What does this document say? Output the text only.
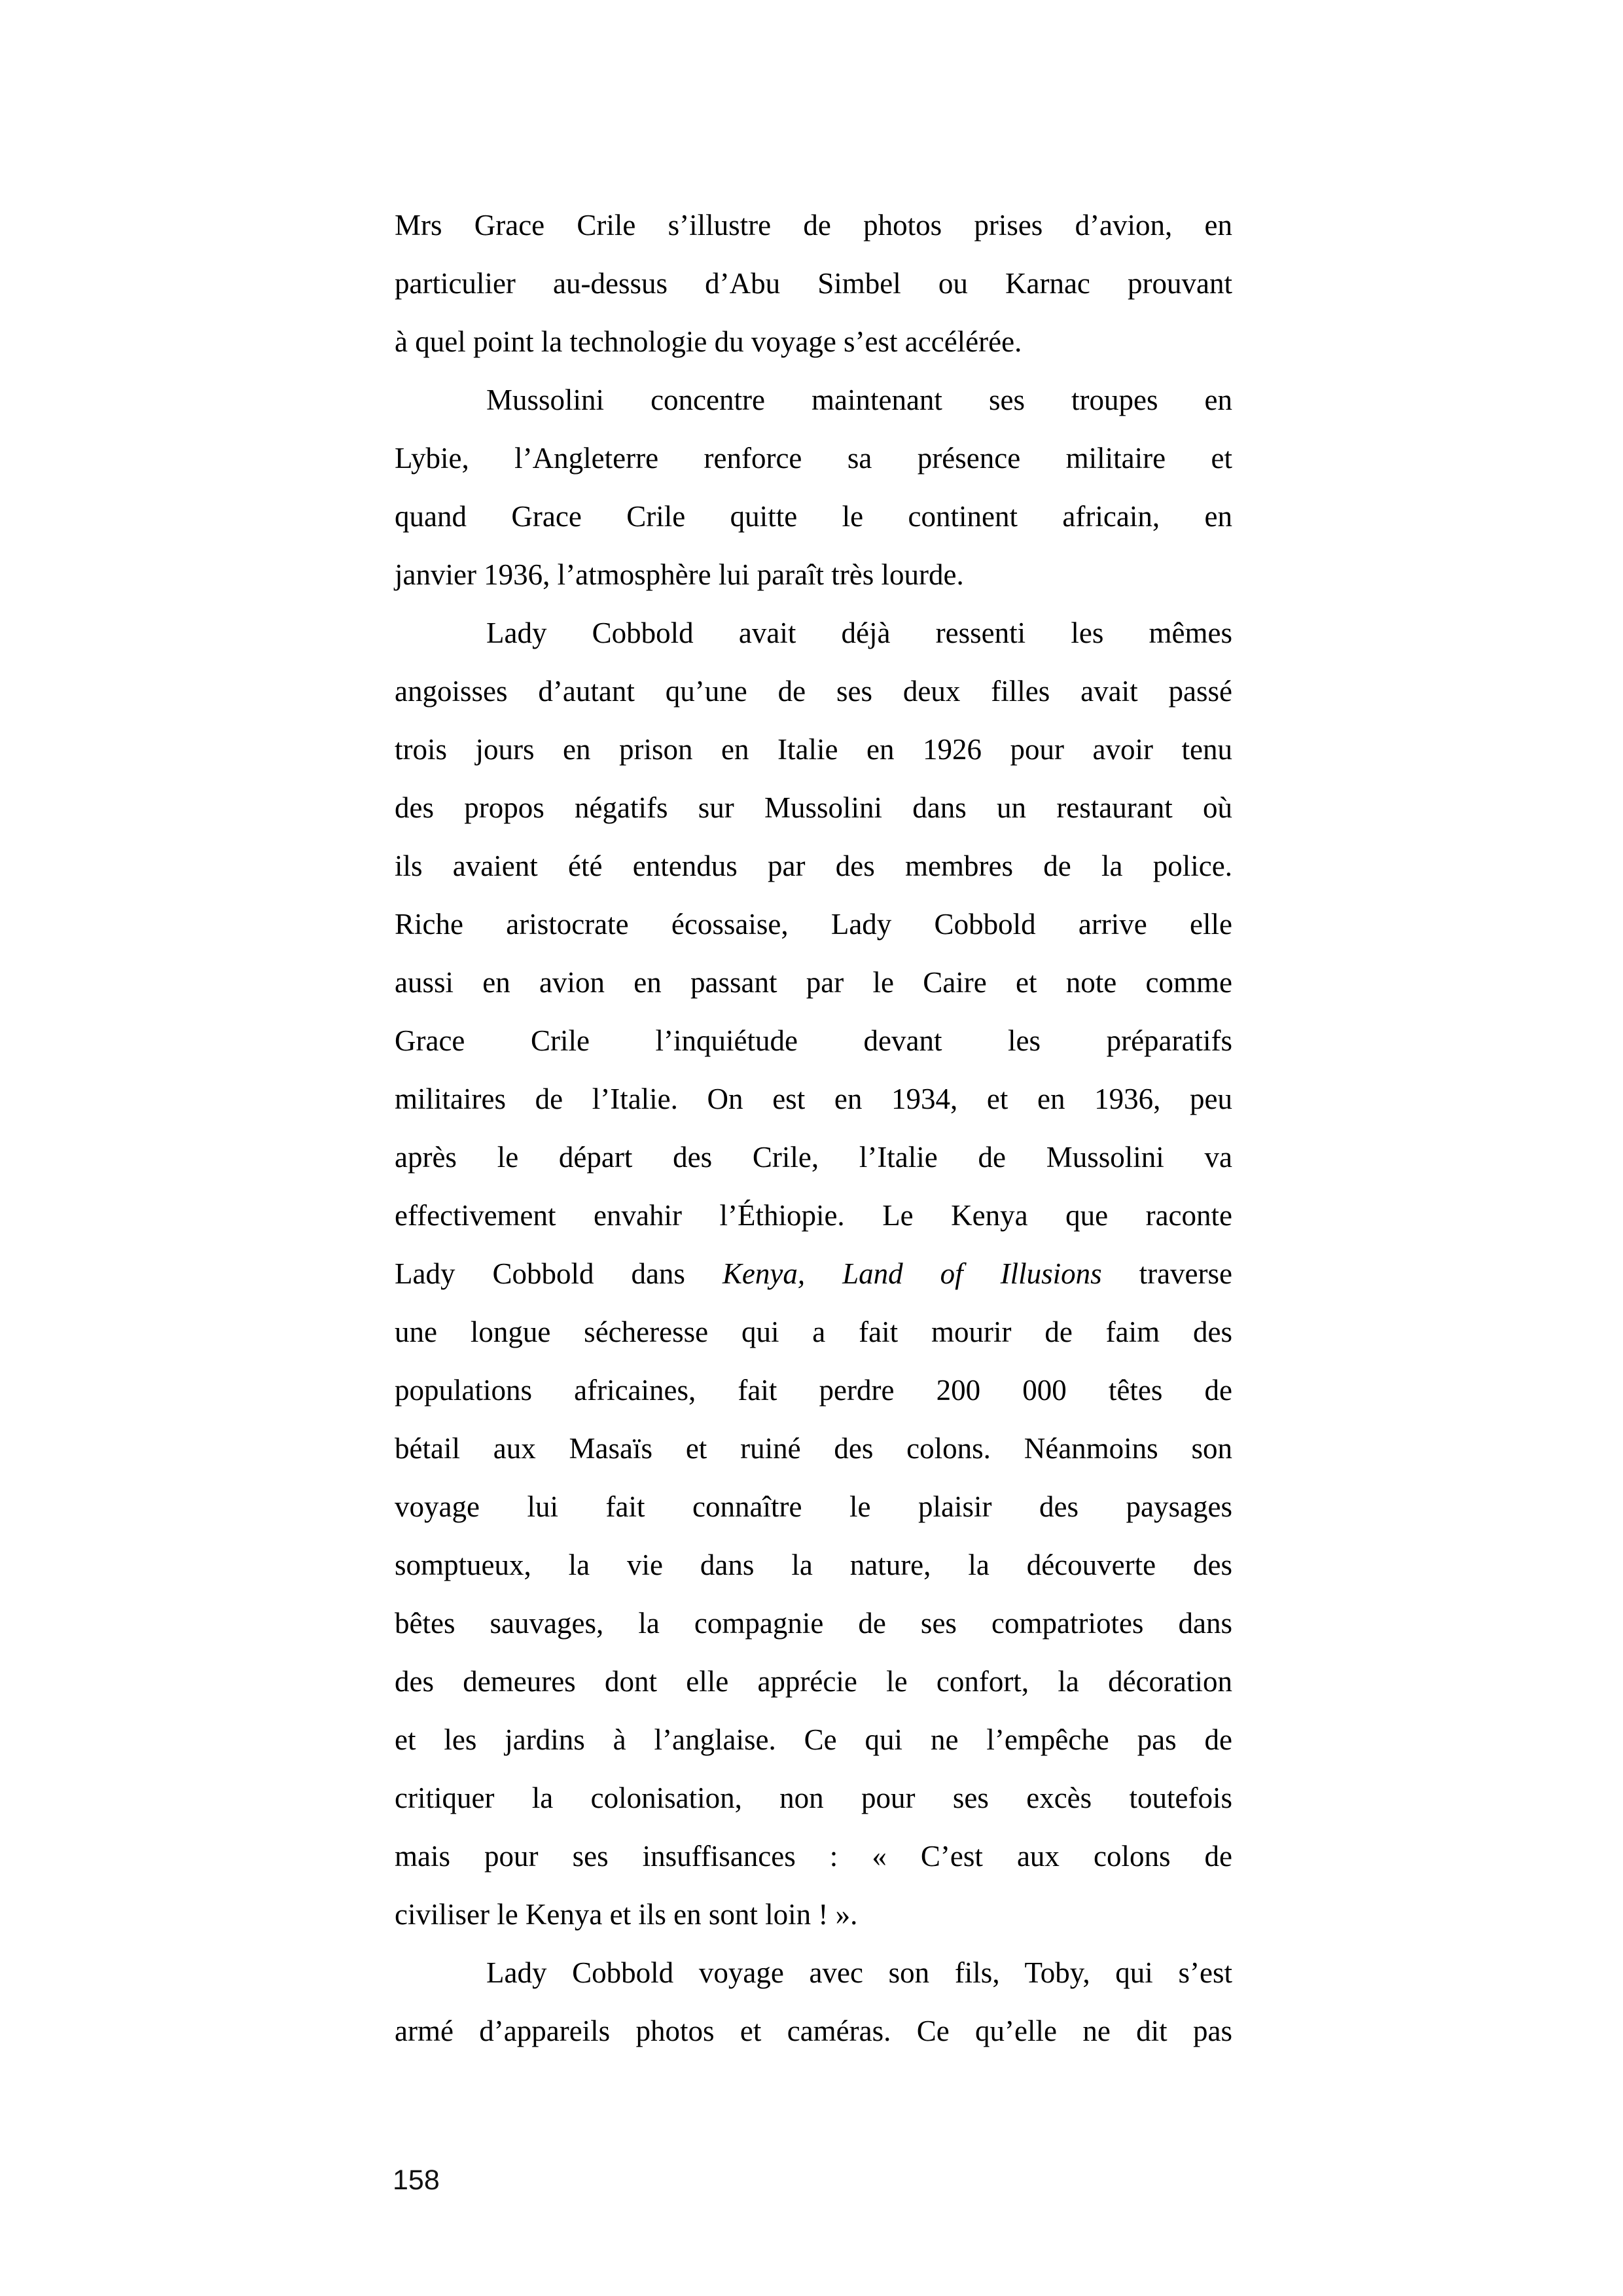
Mrs Grace Crile s’illustre de photos prises d’avion, en
particulier au-dessus d’Abu Simbel ou Karnac prouvant
à quel point la technologie du voyage s’est accélérée.
Mussolini concentre maintenant ses troupes en
Lybie, l’Angleterre renforce sa présence militaire et
quand Grace Crile quitte le continent africain, en
janvier 1936, l’atmosphère lui paraît très lourde.
Lady Cobbold avait déjà ressenti les mêmes
angoisses d’autant qu’une de ses deux filles avait passé
trois jours en prison en Italie en 1926 pour avoir tenu
des propos négatifs sur Mussolini dans un restaurant où
ils avaient été entendus par des membres de la police.
Riche aristocrate écossaise, Lady Cobbold arrive elle
aussi en avion en passant par le Caire et note comme
Grace Crile l’inquiétude devant les préparatifs
militaires de l’Italie. On est en 1934, et en 1936, peu
après le départ des Crile, l’Italie de Mussolini va
effectivement envahir l’Éthiopie. Le Kenya que raconte
Lady Cobbold dans Kenya, Land of Illusions traverse
une longue sécheresse qui a fait mourir de faim des
populations africaines, fait perdre 200 000 têtes de
bétail aux Masaïs et ruiné des colons. Néanmoins son
voyage lui fait connaître le plaisir des paysages
somptueux, la vie dans la nature, la découverte des
bêtes sauvages, la compagnie de ses compatriotes dans
des demeures dont elle apprécie le confort, la décoration
et les jardins à l’anglaise. Ce qui ne l’empêche pas de
critiquer la colonisation, non pour ses excès toutefois
mais pour ses insuffisances : « C’est aux colons de
civiliser le Kenya et ils en sont loin ! ».
Lady Cobbold voyage avec son fils, Toby, qui s’est
armé d’appareils photos et caméras. Ce qu’elle ne dit pas
158
